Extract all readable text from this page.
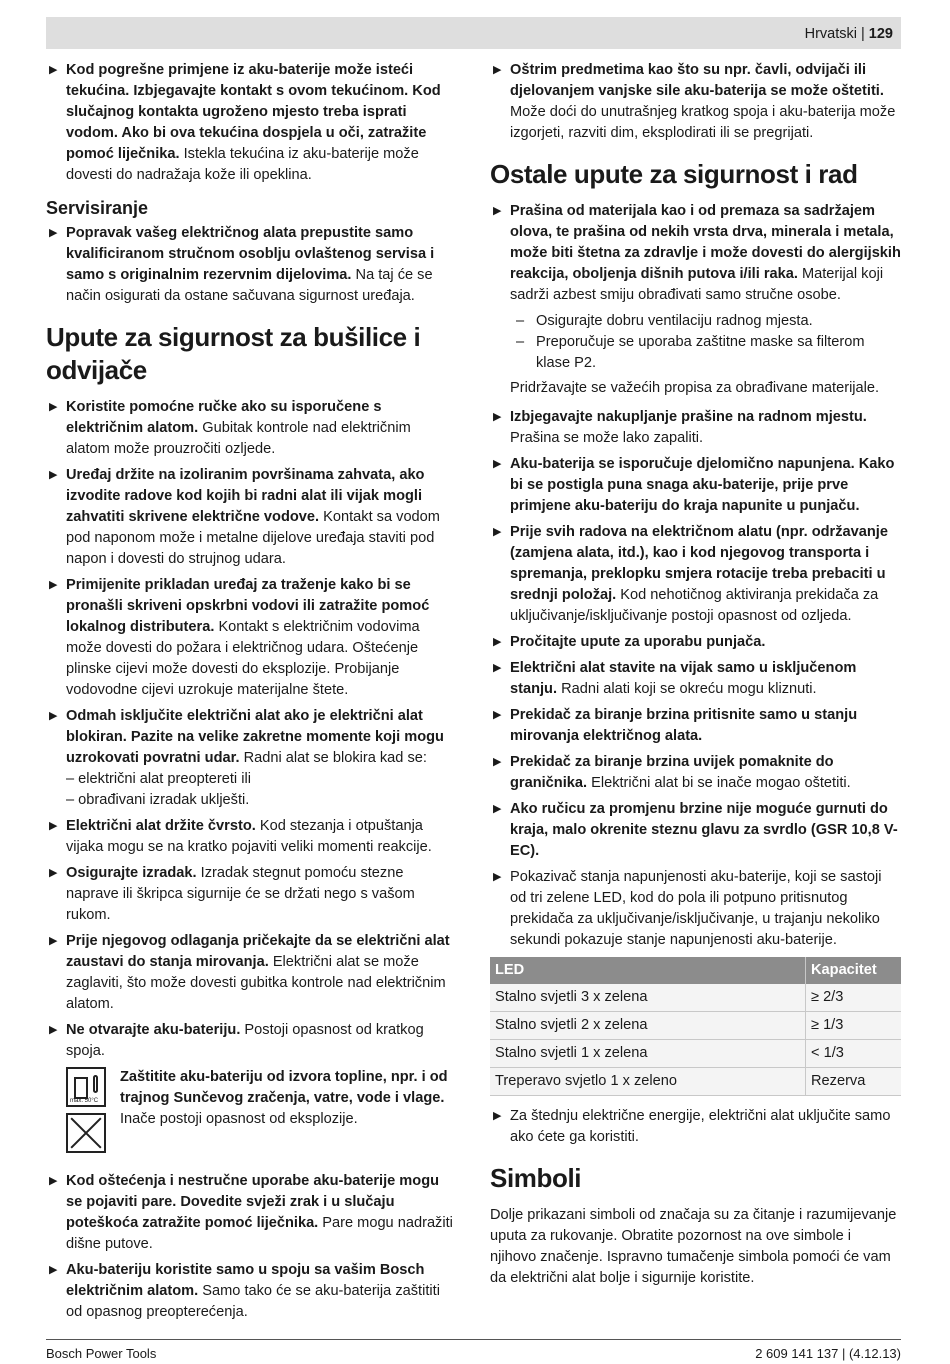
Hrvatski | 129
▶ Kod pogrešne primjene iz aku-baterije može isteći tekućina. Izbjegavajte kontakt s ovom tekućinom. Kod slučajnog kontakta ugroženo mjesto treba isprati vodom. Ako bi ova tekućina dospjela u oči, zatražite pomoć liječnika. Istekla tekućina iz aku-baterije može dovesti do nadražaja kože ili opeklina.
Servisiranje
▶ Popravak vašeg električnog alata prepustite samo kvalificiranom stručnom osoblju ovlaštenog servisa i samo s originalnim rezervnim dijelovima. Na taj će se način osigurati da ostane sačuvana sigurnost uređaja.
Upute za sigurnost za bušilice i odvijače
▶ Koristite pomoćne ručke ako su isporučene s električnim alatom. Gubitak kontrole nad električnim alatom može prouzročiti ozljede.
▶ Uređaj držite na izoliranim površinama zahvata, ako izvodite radove kod kojih bi radni alat ili vijak mogli zahvatiti skrivene električne vodove. Kontakt sa vodom pod naponom može i metalne dijelove uređaja staviti pod napon i dovesti do strujnog udara.
▶ Primijenite prikladan uređaj za traženje kako bi se pronašli skriveni opskrbni vodovi ili zatražite pomoć lokalnog distributera. Kontakt s električnim vodovima može dovesti do požara i električnog udara. Oštećenje plinske cijevi može dovesti do eksplozije. Probijanje vodovodne cijevi uzrokuje materijalne štete.
▶ Odmah isključite električni alat ako je električni alat blokiran. Pazite na velike zakretne momente koji mogu uzrokovati povratni udar. Radni alat se blokira kad se:
– električni alat preoptereti ili
– obrađivani izradak uklješti.
▶ Električni alat držite čvrsto. Kod stezanja i otpuštanja vijaka mogu se na kratko pojaviti veliki momenti reakcije.
▶ Osigurajte izradak. Izradak stegnut pomoću stezne naprave ili škripca sigurnije će se držati nego s vašom rukom.
▶ Prije njegovog odlaganja pričekajte da se električni alat zaustavi do stanja mirovanja. Električni alat se može zaglaviti, što može dovesti gubitka kontrole nad električnim alatom.
▶ Ne otvarajte aku-bateriju. Postoji opasnost od kratkog spoja.
max. 50°C
Zaštitite aku-bateriju od izvora topline, npr. i od trajnog Sunčevog zračenja, vatre, vode i vlage. Inače postoji opasnost od eksplozije.
▶ Kod oštećenja i nestručne uporabe aku-baterije mogu se pojaviti pare. Dovedite svježi zrak i u slučaju poteškoća zatražite pomoć liječnika. Pare mogu nadražiti dišne putove.
▶ Aku-bateriju koristite samo u spoju sa vašim Bosch električnim alatom. Samo tako će se aku-baterija zaštititi od opasnog preopterećenja.
▶ Oštrim predmetima kao što su npr. čavli, odvijači ili djelovanjem vanjske sile aku-baterija se može oštetiti. Može doći do unutrašnjeg kratkog spoja i aku-baterija može izgorjeti, razviti dim, eksplodirati ili se pregrijati.
Ostale upute za sigurnost i rad
▶ Prašina od materijala kao i od premaza sa sadržajem olova, te prašina od nekih vrsta drva, minerala i metala, može biti štetna za zdravlje i može dovesti do alergijskih reakcija, oboljenja dišnih putova i/ili raka. Materijal koji sadrži azbest smiju obrađivati samo stručne osobe.
– Osigurajte dobru ventilaciju radnog mjesta.
– Preporučuje se uporaba zaštitne maske sa filterom klase P2.
Pridržavajte se važećih propisa za obrađivane materijale.
▶ Izbjegavajte nakupljanje prašine na radnom mjestu. Prašina se može lako zapaliti.
▶ Aku-baterija se isporučuje djelomično napunjena. Kako bi se postigla puna snaga aku-baterije, prije prve primjene aku-bateriju do kraja napunite u punjaču.
▶ Prije svih radova na električnom alatu (npr. održavanje (zamjena alata, itd.), kao i kod njegovog transporta i spremanja, preklopku smjera rotacije treba prebaciti u srednji položaj. Kod nehotičnog aktiviranja prekidača za uključivanje/isključivanje postoji opasnost od ozljeda.
▶ Pročitajte upute za uporabu punjača.
▶ Električni alat stavite na vijak samo u isključenom stanju. Radni alati koji se okreću mogu kliznuti.
▶ Prekidač za biranje brzina pritisnite samo u stanju mirovanja električnog alata.
▶ Prekidač za biranje brzina uvijek pomaknite do graničnika. Električni alat bi se inače mogao oštetiti.
▶ Ako ručicu za promjenu brzine nije moguće gurnuti do kraja, malo okrenite steznu glavu za svrdlo (GSR 10,8 V-EC).
▶ Pokazivač stanja napunjenosti aku-baterije, koji se sastoji od tri zelene LED, kod do pola ili potpuno pritisnutog prekidača za uključivanje/isključivanje, u trajanju nekoliko sekundi pokazuje stanje napunjenosti aku-baterije.
LED	Kapacitet
Stalno svjetli 3 x zelena	≥ 2/3
Stalno svjetli 2 x zelena	≥ 1/3
Stalno svjetli 1 x zelena	< 1/3
Treperavo svjetlo 1 x zeleno	Rezerva
▶ Za štednju električne energije, električni alat uključite samo ako ćete ga koristiti.
Simboli
Dolje prikazani simboli od značaja su za čitanje i razumijevanje uputa za rukovanje. Obratite pozornost na ove simbole i njihovo značenje. Ispravno tumačenje simbola pomoći će vam da električni alat bolje i sigurnije koristite.
Bosch Power Tools	2 609 141 137 | (4.12.13)
